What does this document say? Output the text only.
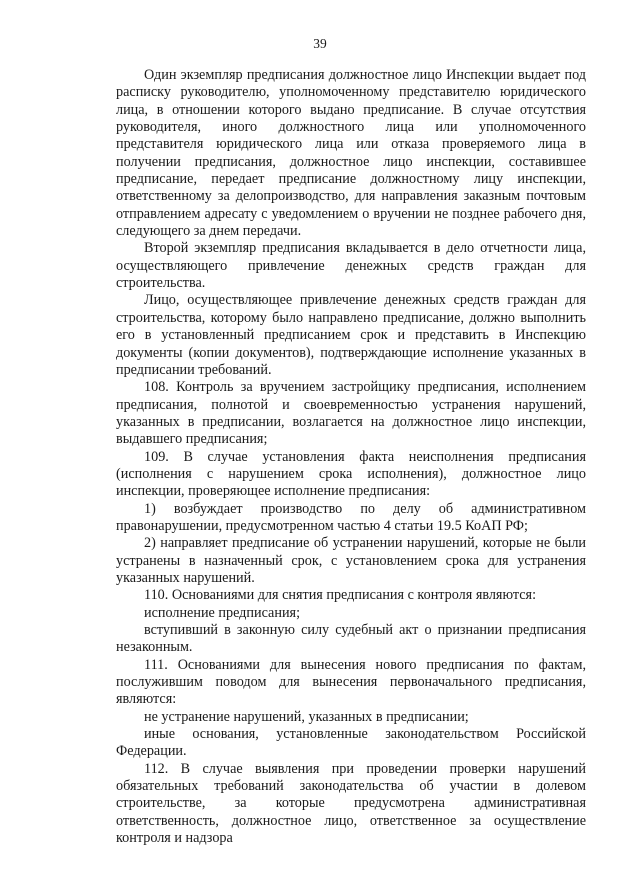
39

Один экземпляр предписания должностное лицо Инспекции выдает под расписку руководителю, уполномоченному представителю юридического лица, в отношении которого выдано предписание. В случае отсутствия руководителя, иного должностного лица или уполномоченного представителя юридического лица или отказа проверяемого лица в получении предписания, должностное лицо инспекции, составившее предписание, передает предписание должностному лицу инспекции, ответственному за делопроизводство, для направления заказным почтовым отправлением адресату с уведомлением о вручении не позднее рабочего дня, следующего за днем передачи.

Второй экземпляр предписания вкладывается в дело отчетности лица, осуществляющего привлечение денежных средств граждан для строительства.

Лицо, осуществляющее привлечение денежных средств граждан для строительства, которому было направлено предписание, должно выполнить его в установленный предписанием срок и представить в Инспекцию документы (копии документов), подтверждающие исполнение указанных в предписании требований.

108. Контроль за вручением застройщику предписания, исполнением предписания, полнотой и своевременностью устранения нарушений, указанных в предписании, возлагается на должностное лицо инспекции, выдавшего предписания;

109. В случае установления факта неисполнения предписания (исполнения с нарушением срока исполнения), должностное лицо инспекции, проверяющее исполнение предписания:

1) возбуждает производство по делу об административном правонарушении, предусмотренном частью 4 статьи 19.5 КоАП РФ;

2) направляет предписание об устранении нарушений, которые не были устранены в назначенный срок, с установлением срока для устранения указанных нарушений.

110. Основаниями для снятия предписания с контроля являются:

исполнение предписания;

вступивший в законную силу судебный акт о признании предписания незаконным.

111. Основаниями для вынесения нового предписания по фактам, послужившим поводом для вынесения первоначального предписания, являются:

не устранение нарушений, указанных в предписании;

иные основания, установленные законодательством Российской Федерации.

112. В случае выявления при проведении проверки нарушений обязательных требований законодательства об участии в долевом строительстве, за которые предусмотрена административная ответственность, должностное лицо, ответственное за осуществление контроля и надзора
